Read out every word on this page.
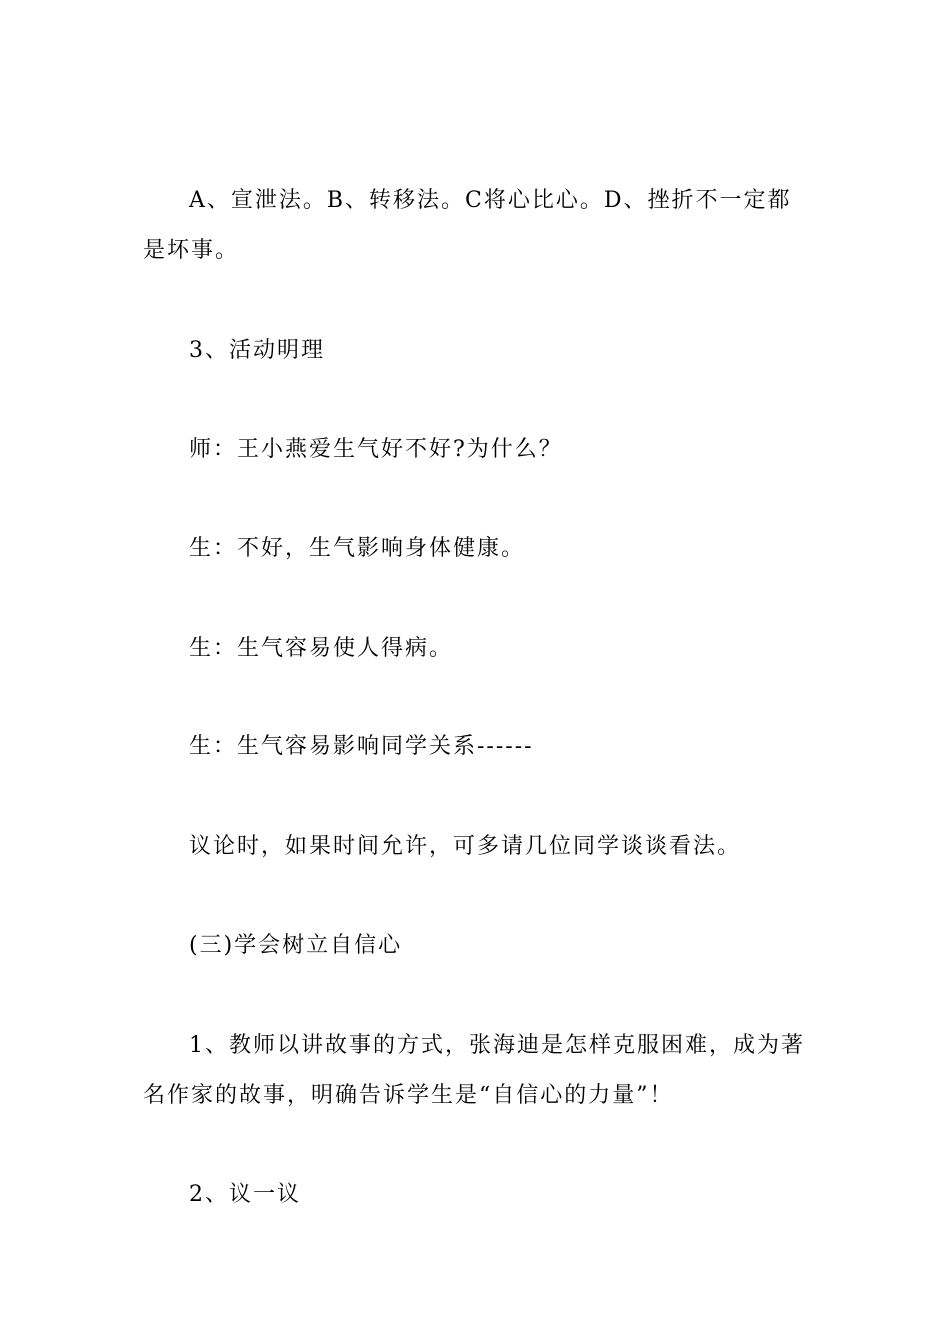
A、宣泄法。B、转移法。C将心比心。D、挫折不一定都是坏事。

3、活动明理

师：王小燕爱生气好不好?为什么？

生：不好，生气影响身体健康。

生：生气容易使人得病。

生：生气容易影响同学关系------

议论时，如果时间允许，可多请几位同学谈谈看法。

(三)学会树立自信心

1、教师以讲故事的方式，张海迪是怎样克服困难，成为著名作家的故事，明确告诉学生是“自信心的力量”！

2、议一议
